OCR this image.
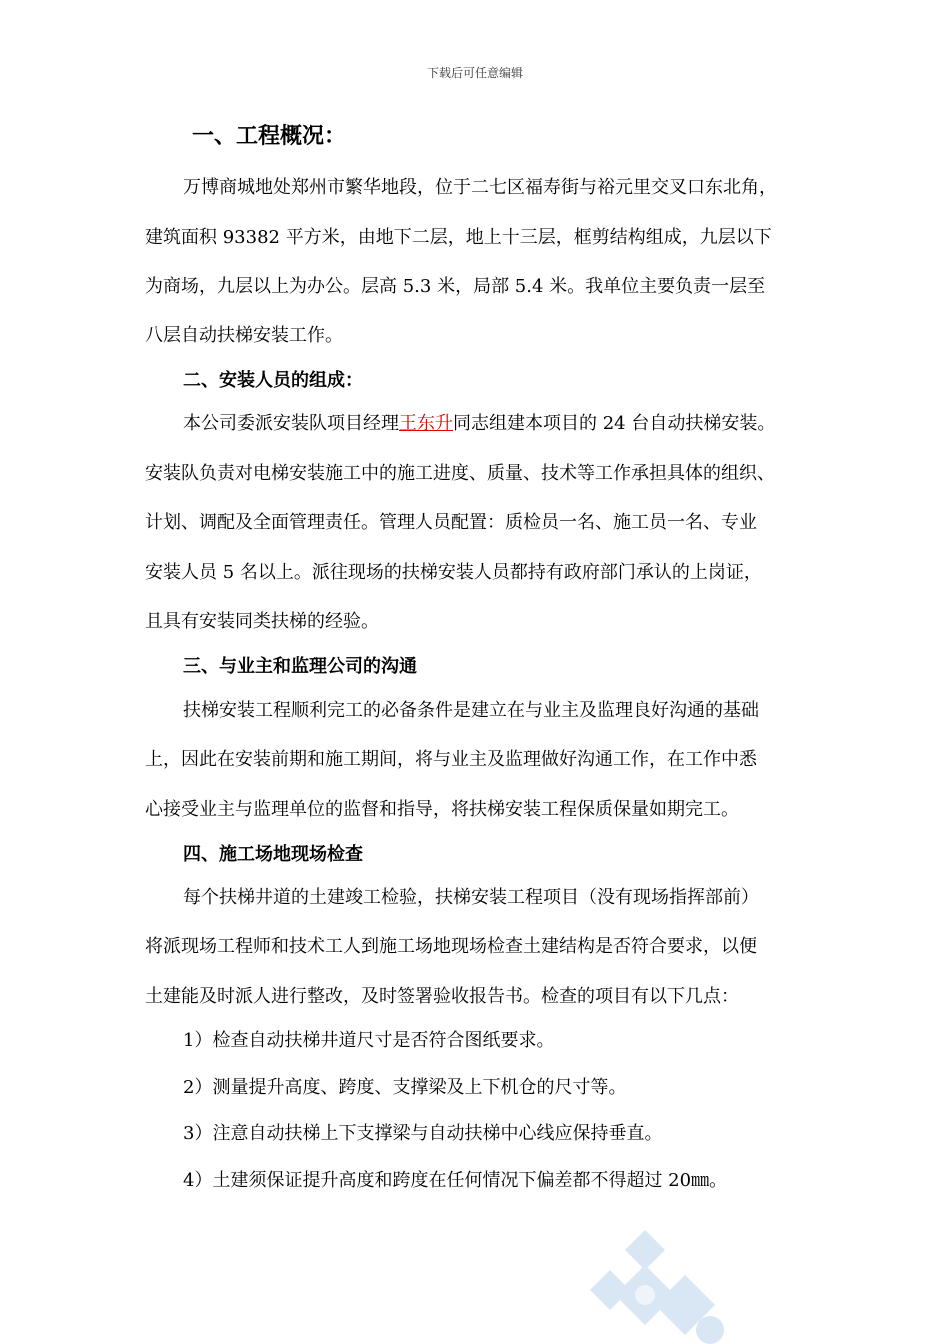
下载后可任意编辑
一、工程概况：
万博商城地处郑州市繁华地段，位于二七区福寿街与裕元里交叉口东北角，
建筑面积 93382 平方米，由地下二层，地上十三层，框剪结构组成，九层以下
为商场，九层以上为办公。层高 5.3 米，局部 5.4 米。我单位主要负责一层至
八层自动扶梯安装工作。
二、安装人员的组成：
本公司委派安装队项目经理王东升同志组建本项目的 24 台自动扶梯安装。
安装队负责对电梯安装施工中的施工进度、质量、技术等工作承担具体的组织、
计划、调配及全面管理责任。管理人员配置：质检员一名、施工员一名、专业
安装人员 5 名以上。派往现场的扶梯安装人员都持有政府部门承认的上岗证，
且具有安装同类扶梯的经验。
三、与业主和监理公司的沟通
扶梯安装工程顺利完工的必备条件是建立在与业主及监理良好沟通的基础
上，因此在安装前期和施工期间，将与业主及监理做好沟通工作，在工作中悉
心接受业主与监理单位的监督和指导，将扶梯安装工程保质保量如期完工。
四、施工场地现场检查
每个扶梯井道的土建竣工检验，扶梯安装工程项目（没有现场指挥部前）
将派现场工程师和技术工人到施工场地现场检查土建结构是否符合要求，以便
土建能及时派人进行整改，及时签署验收报告书。检查的项目有以下几点：
1）检查自动扶梯井道尺寸是否符合图纸要求。
2）测量提升高度、跨度、支撑梁及上下机仓的尺寸等。
3）注意自动扶梯上下支撑梁与自动扶梯中心线应保持垂直。
4）土建须保证提升高度和跨度在任何情况下偏差都不得超过 20㎜。
